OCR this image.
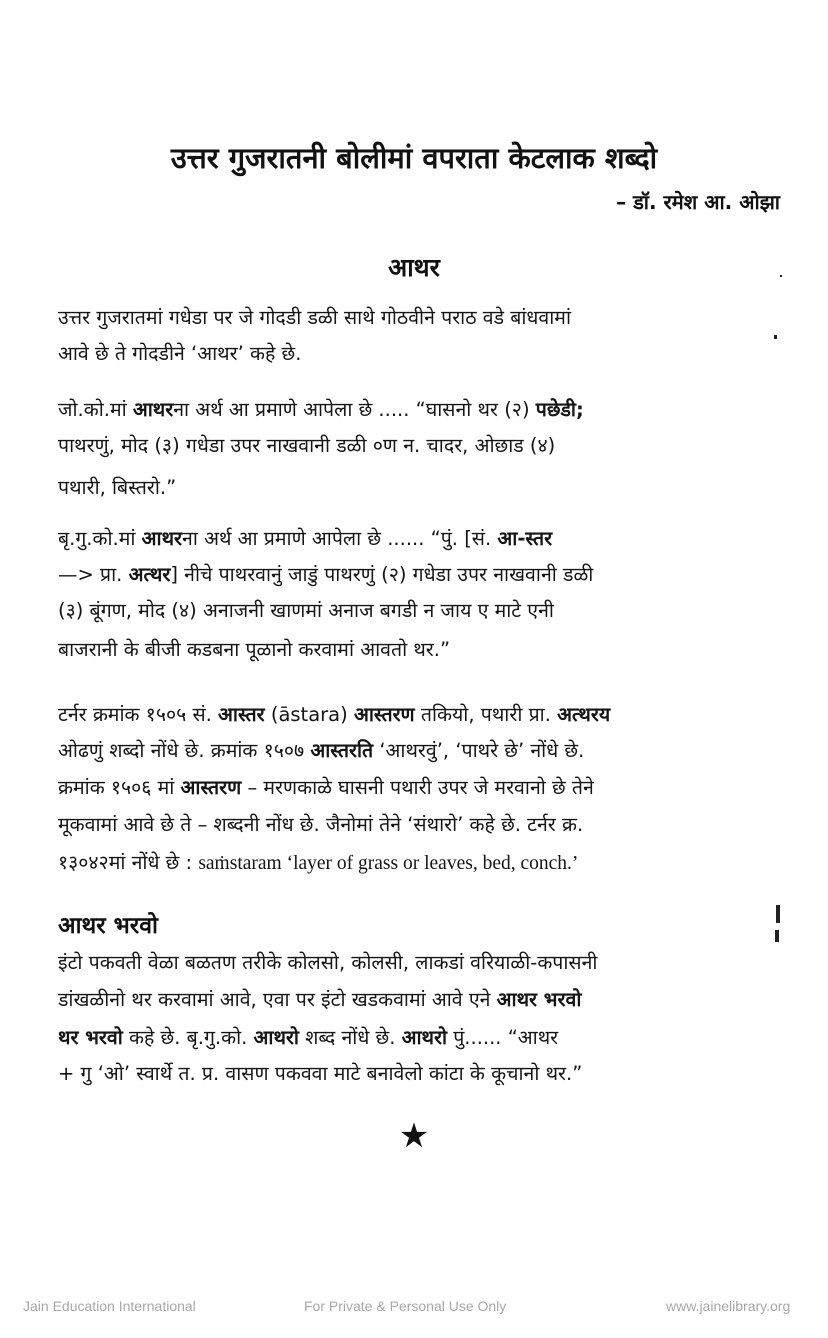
उत्तर गुजरातनी बोलीमां वपराता केटलाक शब्दो
– डॉ. रमेश आ. ओझा
आथर
उत्तर गुजरातमां गधेडा पर जे गोदडी डळी साथे गोठवीने पराठ वडे बांधवामां
आवे छे ते गोदडीने ‘आथर’ कहे छे.
जो.को.मां आथरना अर्थ आ प्रमाणे आपेला छे ..... “घासनो थर (२) पछेडी;
पाथरणुं, मोद (३) गधेडा उपर नाखवानी डळी ०ण न. चादर, ओछाड (४)
पथारी, बिस्तरो.”
बृ.गु.को.मां आथरना अर्थ आ प्रमाणे आपेला छे ...... “पुं. [सं. आ-स्तर
—> प्रा. अत्थर] नीचे पाथरवानुं जाडुं पाथरणुं (२) गधेडा उपर नाखवानी डळी
(३) बूंगण, मोद (४) अनाजनी खाणमां अनाज बगडी न जाय ए माटे एनी
बाजरानी के बीजी कडबना पूळानो करवामां आवतो थर.”
टर्नर क्रमांक १५०५ सं. आस्तर (āstara) आस्तरण तकियो, पथारी प्रा. अत्थरय
ओढणुं शब्दो नोंधे छे. क्रमांक १५०७ आस्तरति ‘आथरवुं’, ‘पाथरे छे’ नोंधे छे.
क्रमांक १५०६ मां आस्तरण – मरणकाळे घासनी पथारी उपर जे मरवानो छे तेने
मूकवामां आवे छे ते – शब्दनी नोंध छे. जैनोमां तेने ‘संथारो’ कहे छे. टर्नर क्र.
१३०४२मां नोंधे छे : saṁstaram ‘layer of grass or leaves, bed, conch.’
आथर भरवो
इंटो पकवती वेळा बळतण तरीके कोलसो, कोलसी, लाकडां वरियाळी-कपासनी
डांखळीनो थर करवामां आवे, एवा पर इंटो खडकवामां आवे एने आथर भरवो
थर भरवो कहे छे. बृ.गु.को. आथरो शब्द नोंधे छे. आथरो पुं...... “आथर
+ गु ‘ओ’ स्वार्थे त. प्र. वासण पकववा माटे बनावेलो कांटा के कूचानो थर.”
★
Jain Education International	For Private & Personal Use Only	www.jainelibrary.org
